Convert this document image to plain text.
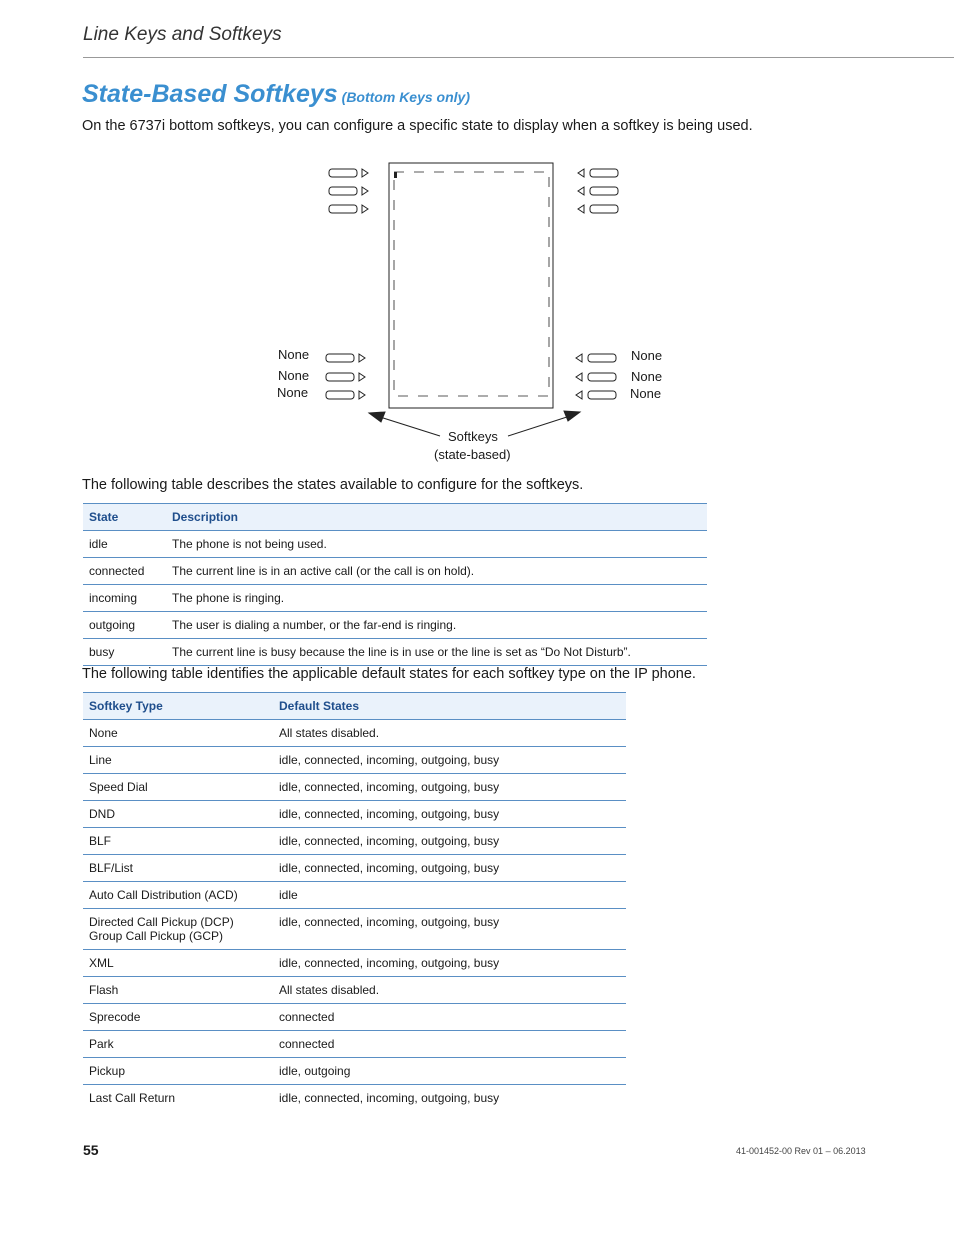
Line Keys and Softkeys
State-Based Softkeys (Bottom Keys only)
On the 6737i bottom softkeys, you can configure a specific state to display when a softkey is being used.
None
None
None
None
None
None
Softkeys
(state-based)
The following table describes the states available to configure for the softkeys.
State	Description
idle	The phone is not being used.
connected	The current line is in an active call (or the call is on hold).
incoming	The phone is ringing.
outgoing	The user is dialing a number, or the far-end is ringing.
busy	The current line is busy because the line is in use or the line is set as “Do Not Disturb”.
The following table identifies the applicable default states for each softkey type on the IP phone.
Softkey Type	Default States
None	All states disabled.
Line	idle, connected, incoming, outgoing, busy
Speed Dial	idle, connected, incoming, outgoing, busy
DND	idle, connected, incoming, outgoing, busy
BLF	idle, connected, incoming, outgoing, busy
BLF/List	idle, connected, incoming, outgoing, busy
Auto Call Distribution (ACD)	idle

Directed Call Pickup (DCP)
Group Call Pickup (GCP)	idle, connected, incoming, outgoing, busy
XML	idle, connected, incoming, outgoing, busy
Flash	All states disabled.
Sprecode	connected
Park	connected
Pickup	idle, outgoing
Last Call Return	idle, connected, incoming, outgoing, busy
55	41-001452-00 Rev 01 – 06.2013
